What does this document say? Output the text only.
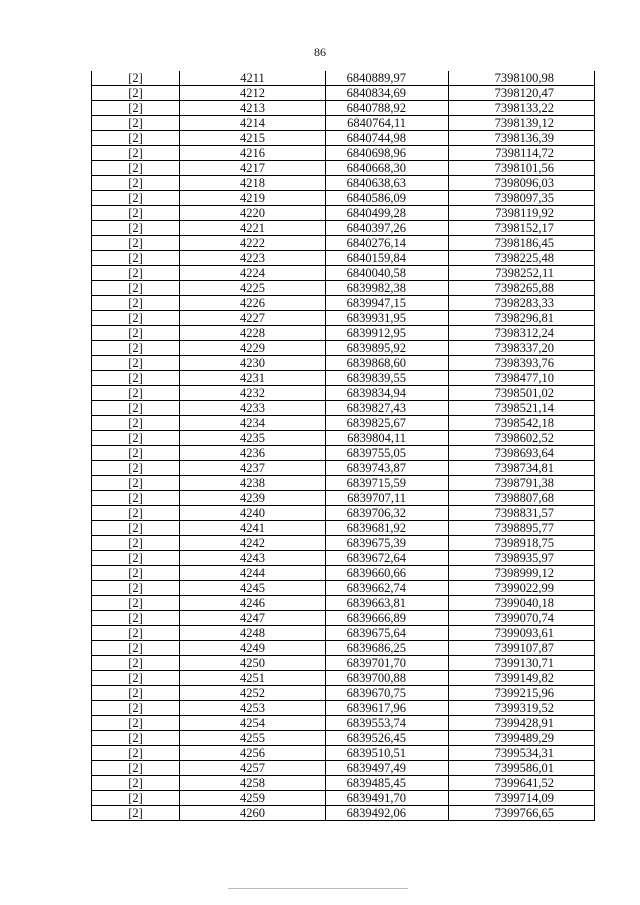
86
[2]	4211	6840889,97	7398100,98
[2]	4212	6840834,69	7398120,47
[2]	4213	6840788,92	7398133,22
[2]	4214	6840764,11	7398139,12
[2]	4215	6840744,98	7398136,39
[2]	4216	6840698,96	7398114,72
[2]	4217	6840668,30	7398101,56
[2]	4218	6840638,63	7398096,03
[2]	4219	6840586,09	7398097,35
[2]	4220	6840499,28	7398119,92
[2]	4221	6840397,26	7398152,17
[2]	4222	6840276,14	7398186,45
[2]	4223	6840159,84	7398225,48
[2]	4224	6840040,58	7398252,11
[2]	4225	6839982,38	7398265,88
[2]	4226	6839947,15	7398283,33
[2]	4227	6839931,95	7398296,81
[2]	4228	6839912,95	7398312,24
[2]	4229	6839895,92	7398337,20
[2]	4230	6839868,60	7398393,76
[2]	4231	6839839,55	7398477,10
[2]	4232	6839834,94	7398501,02
[2]	4233	6839827,43	7398521,14
[2]	4234	6839825,67	7398542,18
[2]	4235	6839804,11	7398602,52
[2]	4236	6839755,05	7398693,64
[2]	4237	6839743,87	7398734,81
[2]	4238	6839715,59	7398791,38
[2]	4239	6839707,11	7398807,68
[2]	4240	6839706,32	7398831,57
[2]	4241	6839681,92	7398895,77
[2]	4242	6839675,39	7398918,75
[2]	4243	6839672,64	7398935,97
[2]	4244	6839660,66	7398999,12
[2]	4245	6839662,74	7399022,99
[2]	4246	6839663,81	7399040,18
[2]	4247	6839666,89	7399070,74
[2]	4248	6839675,64	7399093,61
[2]	4249	6839686,25	7399107,87
[2]	4250	6839701,70	7399130,71
[2]	4251	6839700,88	7399149,82
[2]	4252	6839670,75	7399215,96
[2]	4253	6839617,96	7399319,52
[2]	4254	6839553,74	7399428,91
[2]	4255	6839526,45	7399489,29
[2]	4256	6839510,51	7399534,31
[2]	4257	6839497,49	7399586,01
[2]	4258	6839485,45	7399641,52
[2]	4259	6839491,70	7399714,09
[2]	4260	6839492,06	7399766,65
